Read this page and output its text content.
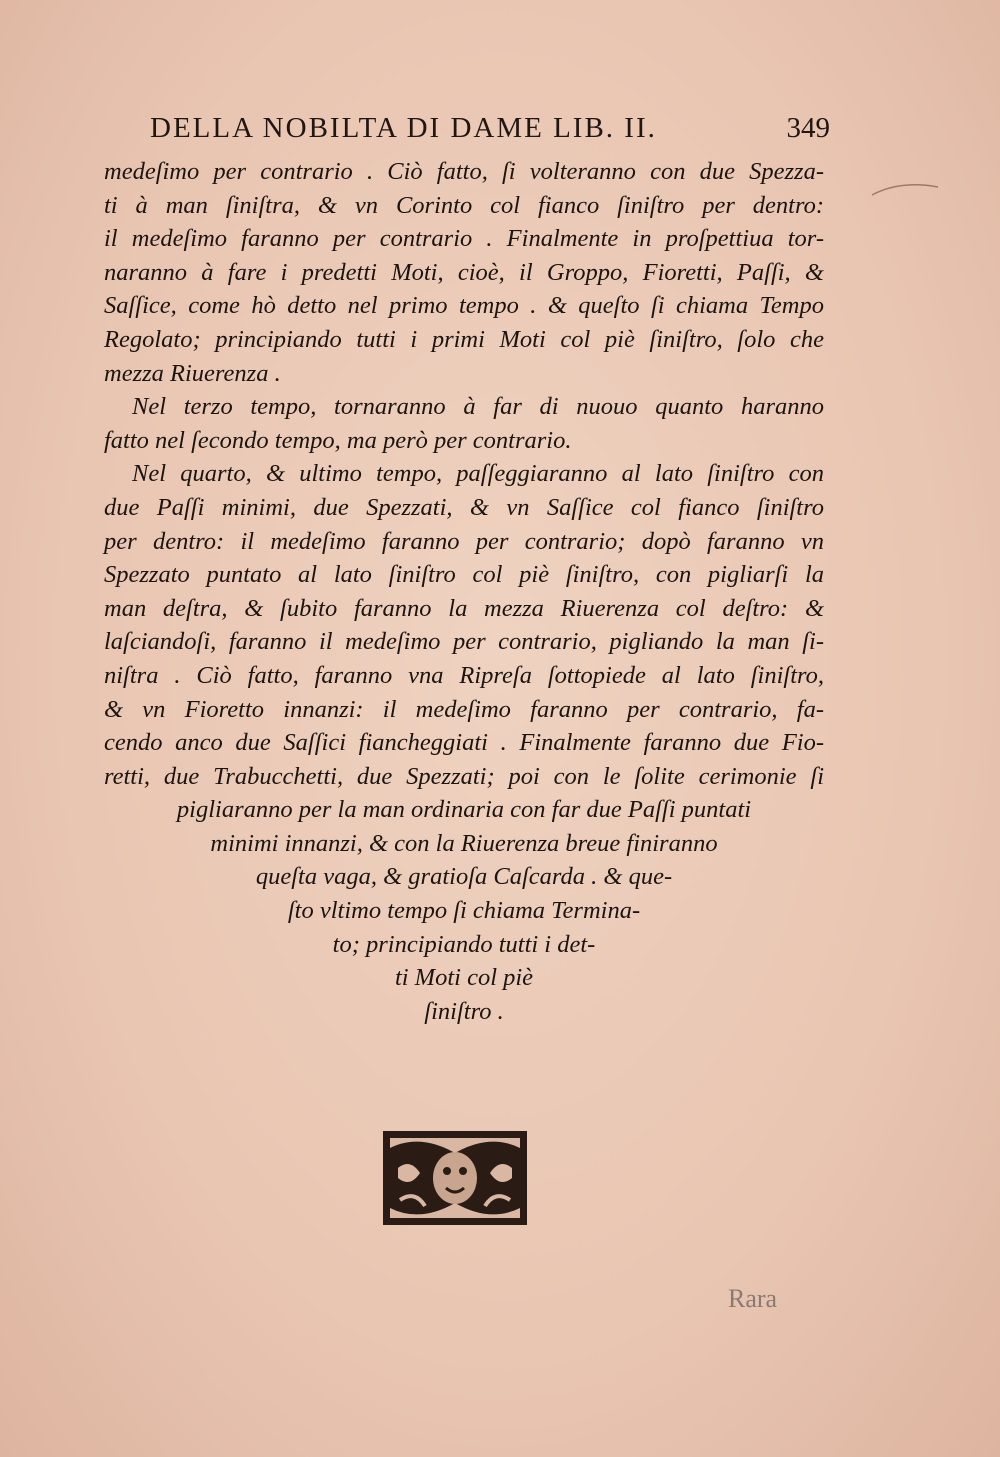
DELLA NOBILTA DI DAME LIB. II.	349
medeſimo per contrario . Ciò fatto, ſi volteranno con due Spezza-
ti à man ſiniſtra, & vn Corinto col fianco ſiniſtro per dentro:
il medeſimo faranno per contrario . Finalmente in proſpettiua tor-
naranno à fare i predetti Moti, cioè, il Groppo, Fioretti, Paſſi, &
Saſſice, come hò detto nel primo tempo . & queſto ſi chiama Tempo
Regolato; principiando tutti i primi Moti col piè ſiniſtro, ſolo che
mezza Riuerenza .
Nel terzo tempo, tornaranno à far di nuouo quanto haranno
fatto nel ſecondo tempo, ma però per contrario.
Nel quarto, & ultimo tempo, paſſeggiaranno al lato ſiniſtro con
due Paſſi minimi, due Spezzati, & vn Saſſice col fianco ſiniſtro
per dentro: il medeſimo faranno per contrario; dopò faranno vn
Spezzato puntato al lato ſiniſtro col piè ſiniſtro, con pigliarſi la
man deſtra, & ſubito faranno la mezza Riuerenza col deſtro: &
laſciandoſi, faranno il medeſimo per contrario, pigliando la man ſi-
niſtra . Ciò fatto, faranno vna Ripreſa ſottopiede al lato ſiniſtro,
& vn Fioretto innanzi: il medeſimo faranno per contrario, fa-
cendo anco due Saſſici fiancheggiati . Finalmente faranno due Fio-
retti, due Trabucchetti, due Spezzati; poi con le ſolite cerimonie ſi
pigliaranno per la man ordinaria con far due Paſſi puntati
minimi innanzi, & con la Riuerenza breue finiranno
queſta vaga, & gratioſa Caſcarda . & que-
ſto vltimo tempo ſi chiama Termina-
to; principiando tutti i det-
ti Moti col piè
ſiniſtro .
Rara
